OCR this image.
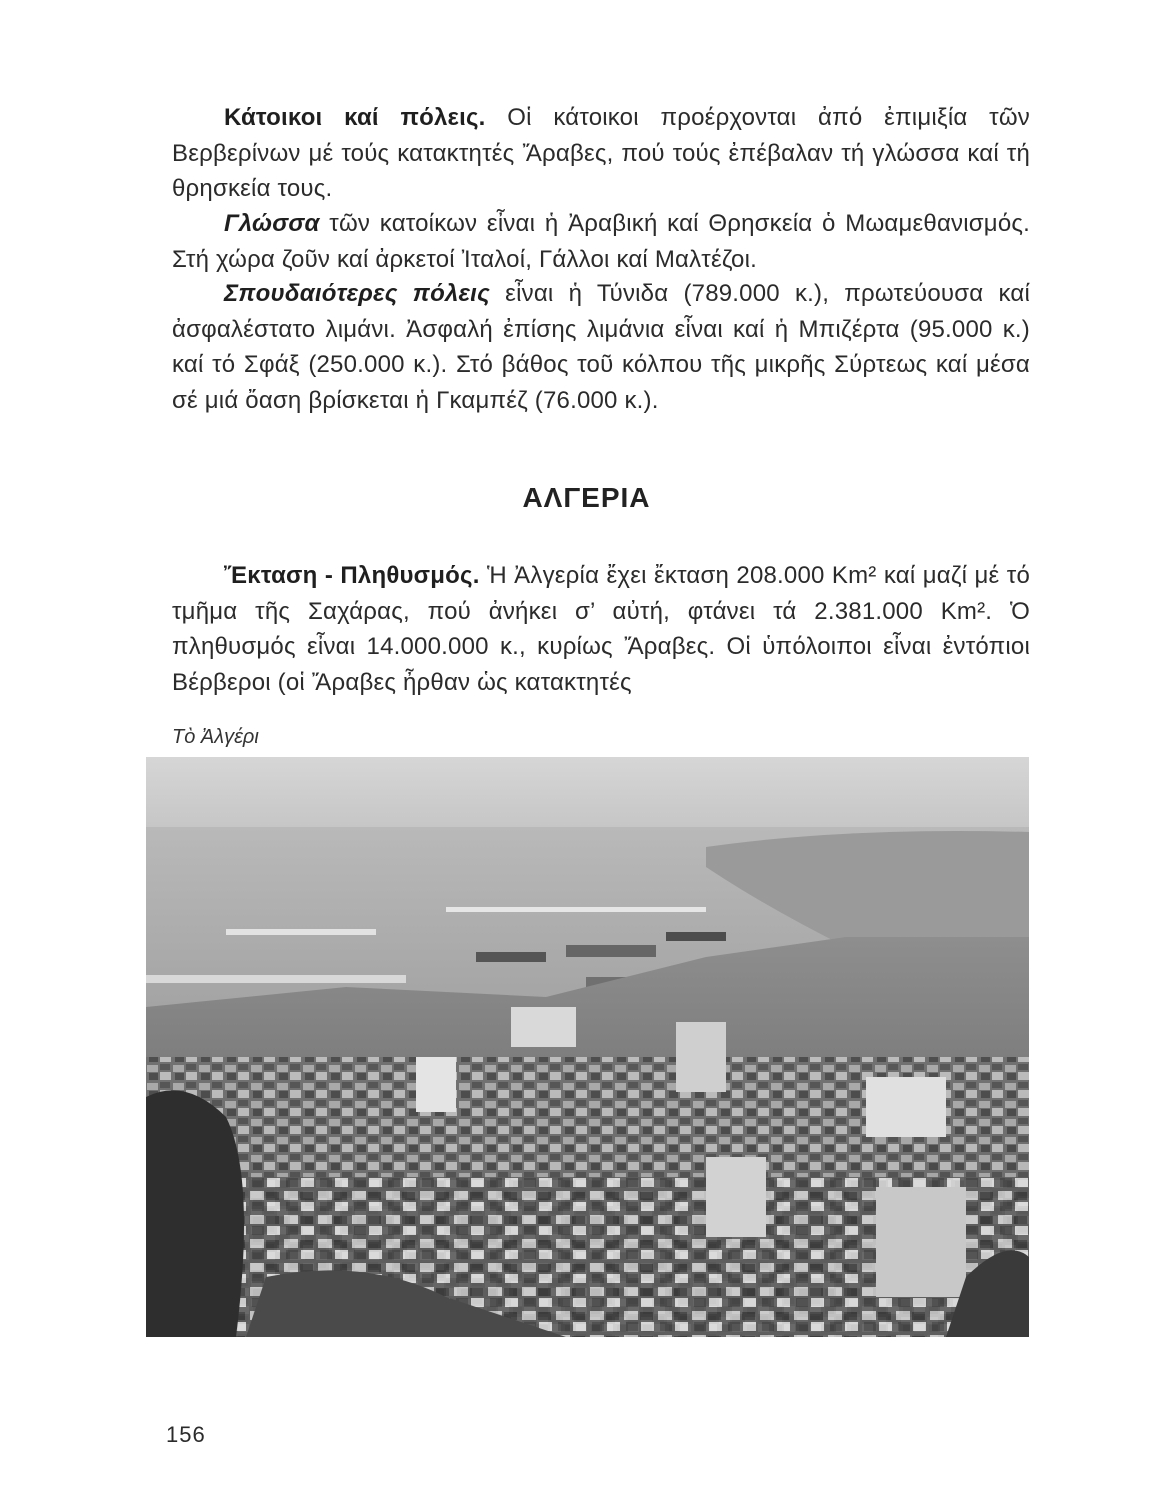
Κάτοικοι καί πόλεις. Οἱ κάτοικοι προέρχονται ἀπό ἐπιμιξία τῶν Βερβερίνων μέ τούς κατακτητές Ἄραβες, πού τούς ἐπέβαλαν τή γλώσσα καί τή θρησκεία τους.
Γλώσσα τῶν κατοίκων εἶναι ἡ Ἀραβική καί Θρησκεία ὁ Μωαμεθανισμός. Στή χώρα ζοῦν καί ἀρκετοί Ἰταλοί, Γάλλοι καί Μαλτέζοι.
Σπουδαιότερες πόλεις εἶναι ἡ Τύνιδα (789.000 κ.), πρωτεύουσα καί ἀσφαλέστατο λιμάνι. Ἀσφαλή ἐπίσης λιμάνια εἶναι καί ἡ Μπιζέρτα (95.000 κ.) καί τό Σφάξ (250.000 κ.). Στό βάθος τοῦ κόλπου τῆς μικρῆς Σύρτεως καί μέσα σέ μιά ὄαση βρίσκεται ἡ Γκαμπέζ (76.000 κ.).
ΑΛΓΕΡΙΑ
Ἔκταση - Πληθυσμός. Ἡ Ἀλγερία ἔχει ἔκταση 208.000 Km² καί μαζί μέ τό τμῆμα τῆς Σαχάρας, πού ἀνήκει σ’ αὐτή, φτάνει τά 2.381.000 Km². Ὁ πληθυσμός εἶναι 14.000.000 κ., κυρίως Ἄραβες. Οἱ ὑπόλοιποι εἶναι ἐντόπιοι Βέρβεροι (οἱ Ἄραβες ἦρθαν ὡς κατακτητές
Τὸ Ἀλγέρι
156
